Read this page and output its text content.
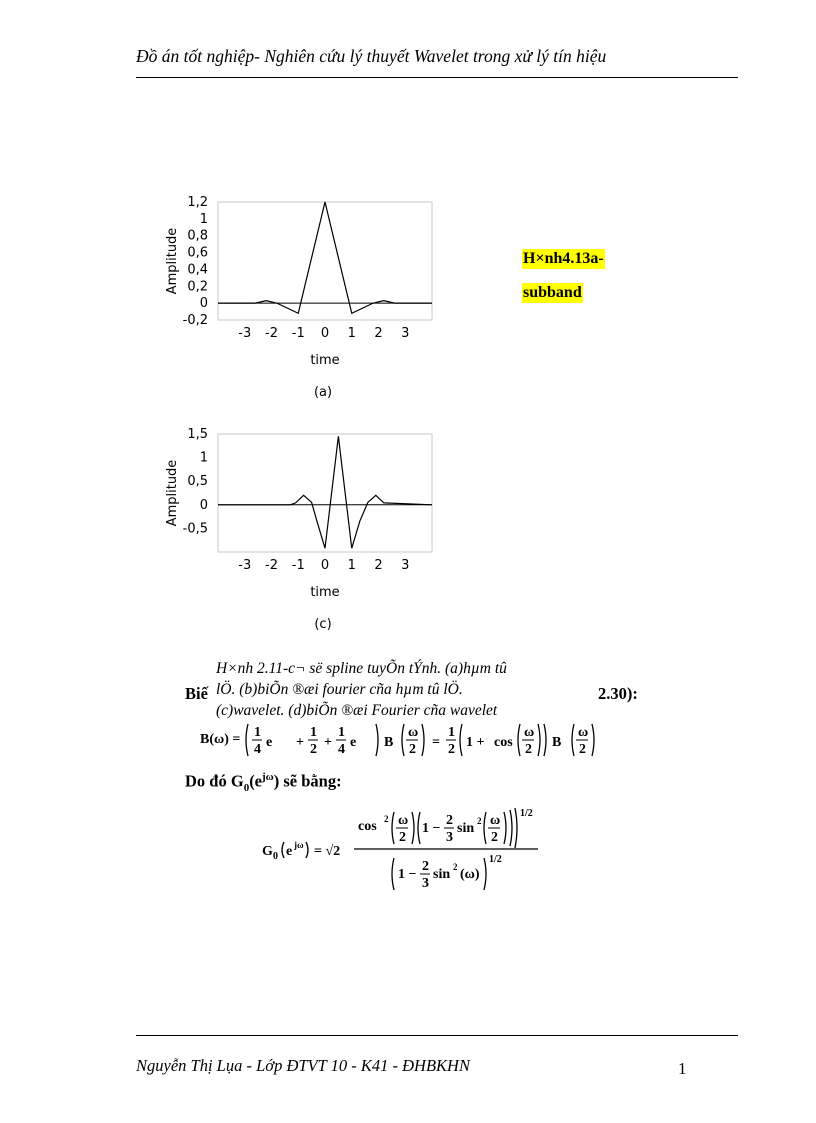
Đồ án tốt nghiệp- Nghiên cứu lý thuyết Wavelet trong xử lý tín hiệu
1,2
1
0,8
0,6
0,4
0,2
0
-0,2
-3 -2 -1 0 1 2 3
time
Amplitude
(a)
H×nh4.13a-
subband
1,5
1
0,5
0
-0,5
-3 -2 -1 0 1 2 3
time
Amplitude
(c)
Biế	2.30):
H×nh 2.11-c¬ së spline tuyÕn tÝnh. (a)hµm tû
lÖ. (b)biÕn ®æi fourier cña hµm tû lÖ.
(c)wavelet. (d)biÕn ®æi Fourier cña wavelet
B(ω) = 1
4 e +
1
2 +
1
4 e B
ω
2 =
1
2 1 + cos
ω
2 B
ω
2
Do đó $G_0(e^{j\omega})$ sẽ bằng:
G 0 e jω = √2
cos 2 ω
2
1 −
2
3
sin 2 ω
2
1/2
1 −
2
3
sin 2 (ω)
1/2
Nguyễn Thị Lụa - Lớp ĐTVT 10 - K41 - ĐHBKHN	1
